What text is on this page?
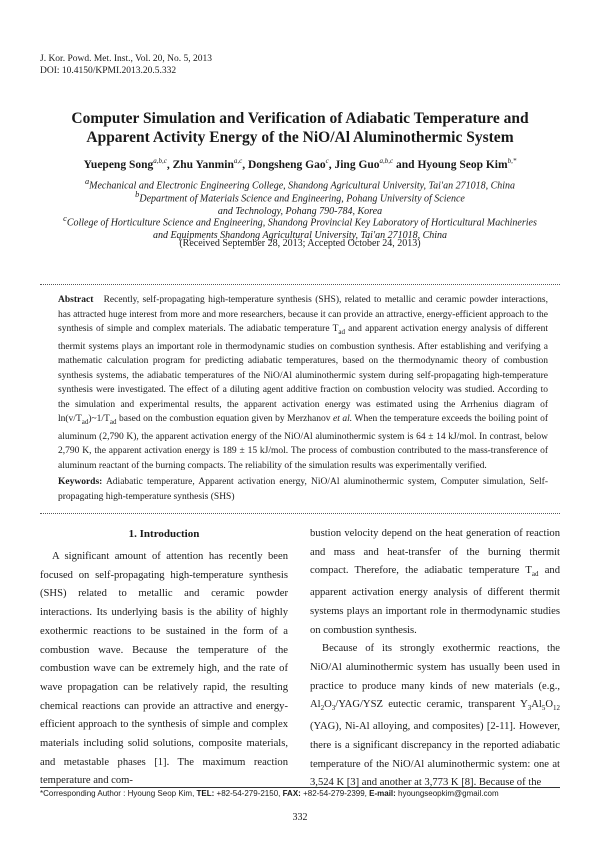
J. Kor. Powd. Met. Inst., Vol. 20, No. 5, 2013
DOI: 10.4150/KPMI.2013.20.5.332
Computer Simulation and Verification of Adiabatic Temperature and
Apparent Activity Energy of the NiO/Al Aluminothermic System
Yuepeng Song$^{a,b,c}$, Zhu Yanmin$^{a,c}$, Dongsheng Gao$^c$, Jing Guo$^{a,b,c}$ and Hyoung Seop Kim$^{b,*}$
$^a$Mechanical and Electronic Engineering College, Shandong Agricultural University, Tai'an 271018, China
$^b$Department of Materials Science and Engineering, Pohang University of Science
and Technology, Pohang 790-784, Korea
$^c$College of Horticulture Science and Engineering, Shandong Provincial Key Laboratory of Horticultural Machineries
and Equipments Shandong Agricultural University, Tai'an 271018, China
(Received September 28, 2013; Accepted October 24, 2013)
Abstract Recently, self-propagating high-temperature synthesis (SHS), related to metallic and ceramic powder interactions, has attracted huge interest from more and more researchers, because it can provide an attractive, energy-efficient approach to the synthesis of simple and complex materials. The adiabatic temperature $T_{ad}$ and apparent activation energy analysis of different thermit systems plays an important role in thermodynamic studies on combustion synthesis. After establishing and verifying a mathematic calculation program for predicting adiabatic temperatures, based on the thermodynamic theory of combustion synthesis systems, the adiabatic temperatures of the NiO/Al aluminothermic system during self-propagating high-temperature synthesis were investigated. The effect of a diluting agent additive fraction on combustion velocity was studied. According to the simulation and experimental results, the apparent activation energy was estimated using the Arrhenius diagram of $\ln(v/T_{ad})\sim 1/T_{ad}$ based on the combustion equation given by Merzhanov et al. When the temperature exceeds the boiling point of aluminum (2,790 K), the apparent activation energy of the NiO/Al aluminothermic system is 64 ± 14 kJ/mol. In contrast, below 2,790 K, the apparent activation energy is 189 ± 15 kJ/mol. The process of combustion contributed to the mass-transference of aluminum reactant of the burning compacts. The reliability of the simulation results was experimentally verified.
Keywords: Adiabatic temperature, Apparent activation energy, NiO/Al aluminothermic system, Computer simulation, Self-propagating high-temperature synthesis (SHS)
1. Introduction

A significant amount of attention has recently been focused on self-propagating high-temperature synthesis (SHS) related to metallic and ceramic powder interactions. Its underlying basis is the ability of highly exothermic reactions to be sustained in the form of a combustion wave. Because the temperature of the combustion wave can be extremely high, and the rate of wave propagation can be relatively rapid, the resulting chemical reactions can provide an attractive and energy-efficient approach to the synthesis of simple and complex materials including solid solutions, composite materials, and metastable phases [1]. The maximum reaction temperature and com-

bustion velocity depend on the heat generation of reaction and mass and heat-transfer of the burning thermit compact. Therefore, the adiabatic temperature $T_{ad}$ and apparent activation energy analysis of different thermit systems plays an important role in thermodynamic studies on combustion synthesis.

Because of its strongly exothermic reactions, the NiO/Al aluminothermic system has usually been used in practice to produce many kinds of new materials (e.g., $Al_2O_3/YAG$/YSZ eutectic ceramic, transparent $Y_3Al_5O_{12}$ (YAG), Ni-Al alloying, and composites) [2-11]. However, there is a significant discrepancy in the reported adiabatic temperature of the NiO/Al aluminothermic system: one at 3,524 K [3] and another at 3,773 K [8]. Because of the

*Corresponding Author : Hyoung Seop Kim, TEL: +82-54-279-2150, FAX: +82-54-279-2399, E-mail: hyoungseopkim@gmail.com
332
